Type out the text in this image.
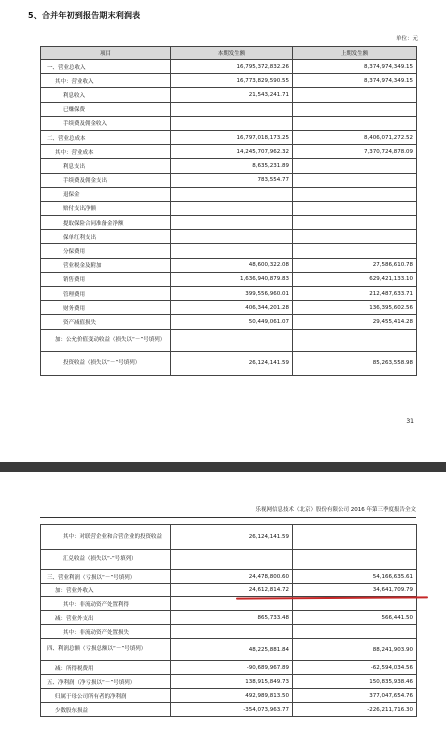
5、合并年初到报告期末利润表
单位：元
项目	本期发生额	上期发生额
一、营业总收入	16,795,372,832.26	8,374,974,349.15
其中：营业收入	16,773,829,590.55	8,374,974,349.15
利息收入	21,543,241.71	
已赚保费		
手续费及佣金收入		
二、营业总成本	16,797,018,173.25	8,406,071,272.52
其中：营业成本	14,245,707,962.32	7,370,724,878.09
利息支出	8,635,231.89	
手续费及佣金支出	783,554.77	
退保金		
赔付支出净额		
提取保险合同准备金净额		
保单红利支出		
分保费用		
营业税金及附加	48,600,322.08	27,586,610.78
销售费用	1,636,940,879.83	629,421,133.10
管理费用	399,556,960.01	212,487,633.71
财务费用	406,344,201.28	136,395,602.56
资产减值损失	50,449,061.07	29,455,414.28
加：公允价值变动收益（损失以“－”号填列）		
投资收益（损失以“－”号填列）	26,124,141.59	85,263,558.98
31
乐视网信息技术（北京）股份有限公司 2016 年第三季度报告全文
其中：对联营企业和合营企业的投资收益	26,124,141.59	
汇兑收益（损失以“-”号填列）		
三、营业利润（亏损以“－”号填列）	24,478,800.60	54,166,635.61
加：营业外收入	24,612,814.72	34,641,709.79
其中：非流动资产处置利得		
减：营业外支出	865,733.48	566,441.50
其中：非流动资产处置损失		
四、利润总额（亏损总额以“－”号填列）	48,225,881.84	88,241,903.90
减：所得税费用	-90,689,967.89	-62,594,034.56
五、净利润（净亏损以“－”号填列）	138,915,849.73	150,835,938.46
归属于母公司所有者的净利润	492,989,813.50	377,047,654.76
少数股东损益	-354,073,963.77	-226,211,716.30
